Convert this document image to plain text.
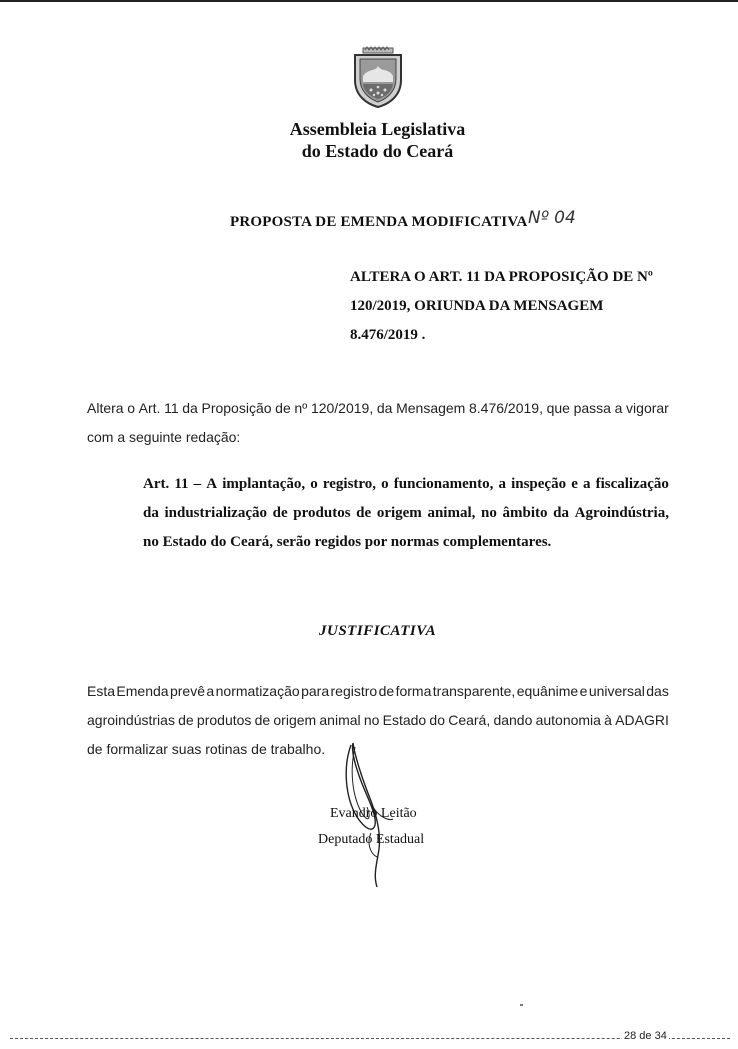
Assembleia Legislativa
do Estado do Ceará
PROPOSTA DE EMENDA MODIFICATIVA Nº 04
ALTERA O ART. 11 DA PROPOSIÇÃO DE Nº
120/2019, ORIUNDA DA MENSAGEM
8.476/2019 .
Altera o Art. 11 da Proposição de nº 120/2019, da Mensagem 8.476/2019, que passa a vigorar
com a seguinte redação:
Art. 11 – A implantação, o registro, o funcionamento, a inspeção e a fiscalização
da industrialização de produtos de origem animal, no âmbito da Agroindústria,
no Estado do Ceará, serão regidos por normas complementares.
JUSTIFICATIVA
Esta Emenda prevê a normatização para registro de forma transparente, equânime e universal das
agroindústrias de produtos de origem animal no Estado do Ceará, dando autonomia à ADAGRI
de formalizar suas rotinas de trabalho.
Evandro Leitão
Deputado Estadual
28 de 34
